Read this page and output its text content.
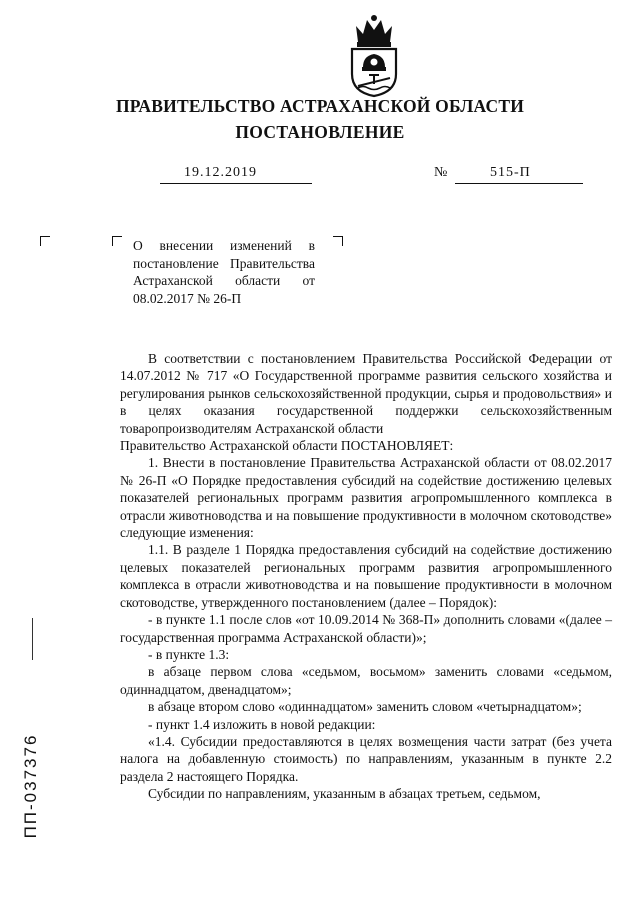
ПРАВИТЕЛЬСТВО АСТРАХАНСКОЙ ОБЛАСТИ
ПОСТАНОВЛЕНИЕ
19.12.2019	№	515-П
О внесении изменений в постановление Правительства Астраханской области от 08.02.2017 № 26-П

В соответствии с постановлением Правительства Российской Федерации от 14.07.2012 № 717 «О Государственной программе развития сельского хозяйства и регулирования рынков сельскохозяйственной продукции, сырья и продовольствия» и в целях оказания государственной поддержки сельскохозяйственным товаропроизводителям Астраханской области

Правительство Астраханской области ПОСТАНОВЛЯЕТ:

1. Внести в постановление Правительства Астраханской области от 08.02.2017 № 26-П «О Порядке предоставления субсидий на содействие достижению целевых показателей региональных программ развития агропромышленного комплекса в отрасли животноводства и на повышение продуктивности в молочном скотоводстве» следующие изменения:

1.1. В разделе 1 Порядка предоставления субсидий на содействие достижению целевых показателей региональных программ развития агропромышленного комплекса в отрасли животноводства и на повышение продуктивности в молочном скотоводстве, утвержденного постановлением (далее – Порядок):

- в пункте 1.1 после слов «от 10.09.2014 № 368-П» дополнить словами «(далее – государственная программа Астраханской области)»;

- в пункте 1.3:

в абзаце первом слова «седьмом, восьмом» заменить словами «седьмом, одиннадцатом, двенадцатом»;

в абзаце втором слово «одиннадцатом» заменить словом «четырнадцатом»;

- пункт 1.4 изложить в новой редакции:

«1.4. Субсидии предоставляются в целях возмещения части затрат (без учета налога на добавленную стоимость) по направлениям, указанным в пункте 2.2 раздела 2 настоящего Порядка.

Субсидии по направлениям, указанным в абзацах третьем, седьмом,

ПП-037376
